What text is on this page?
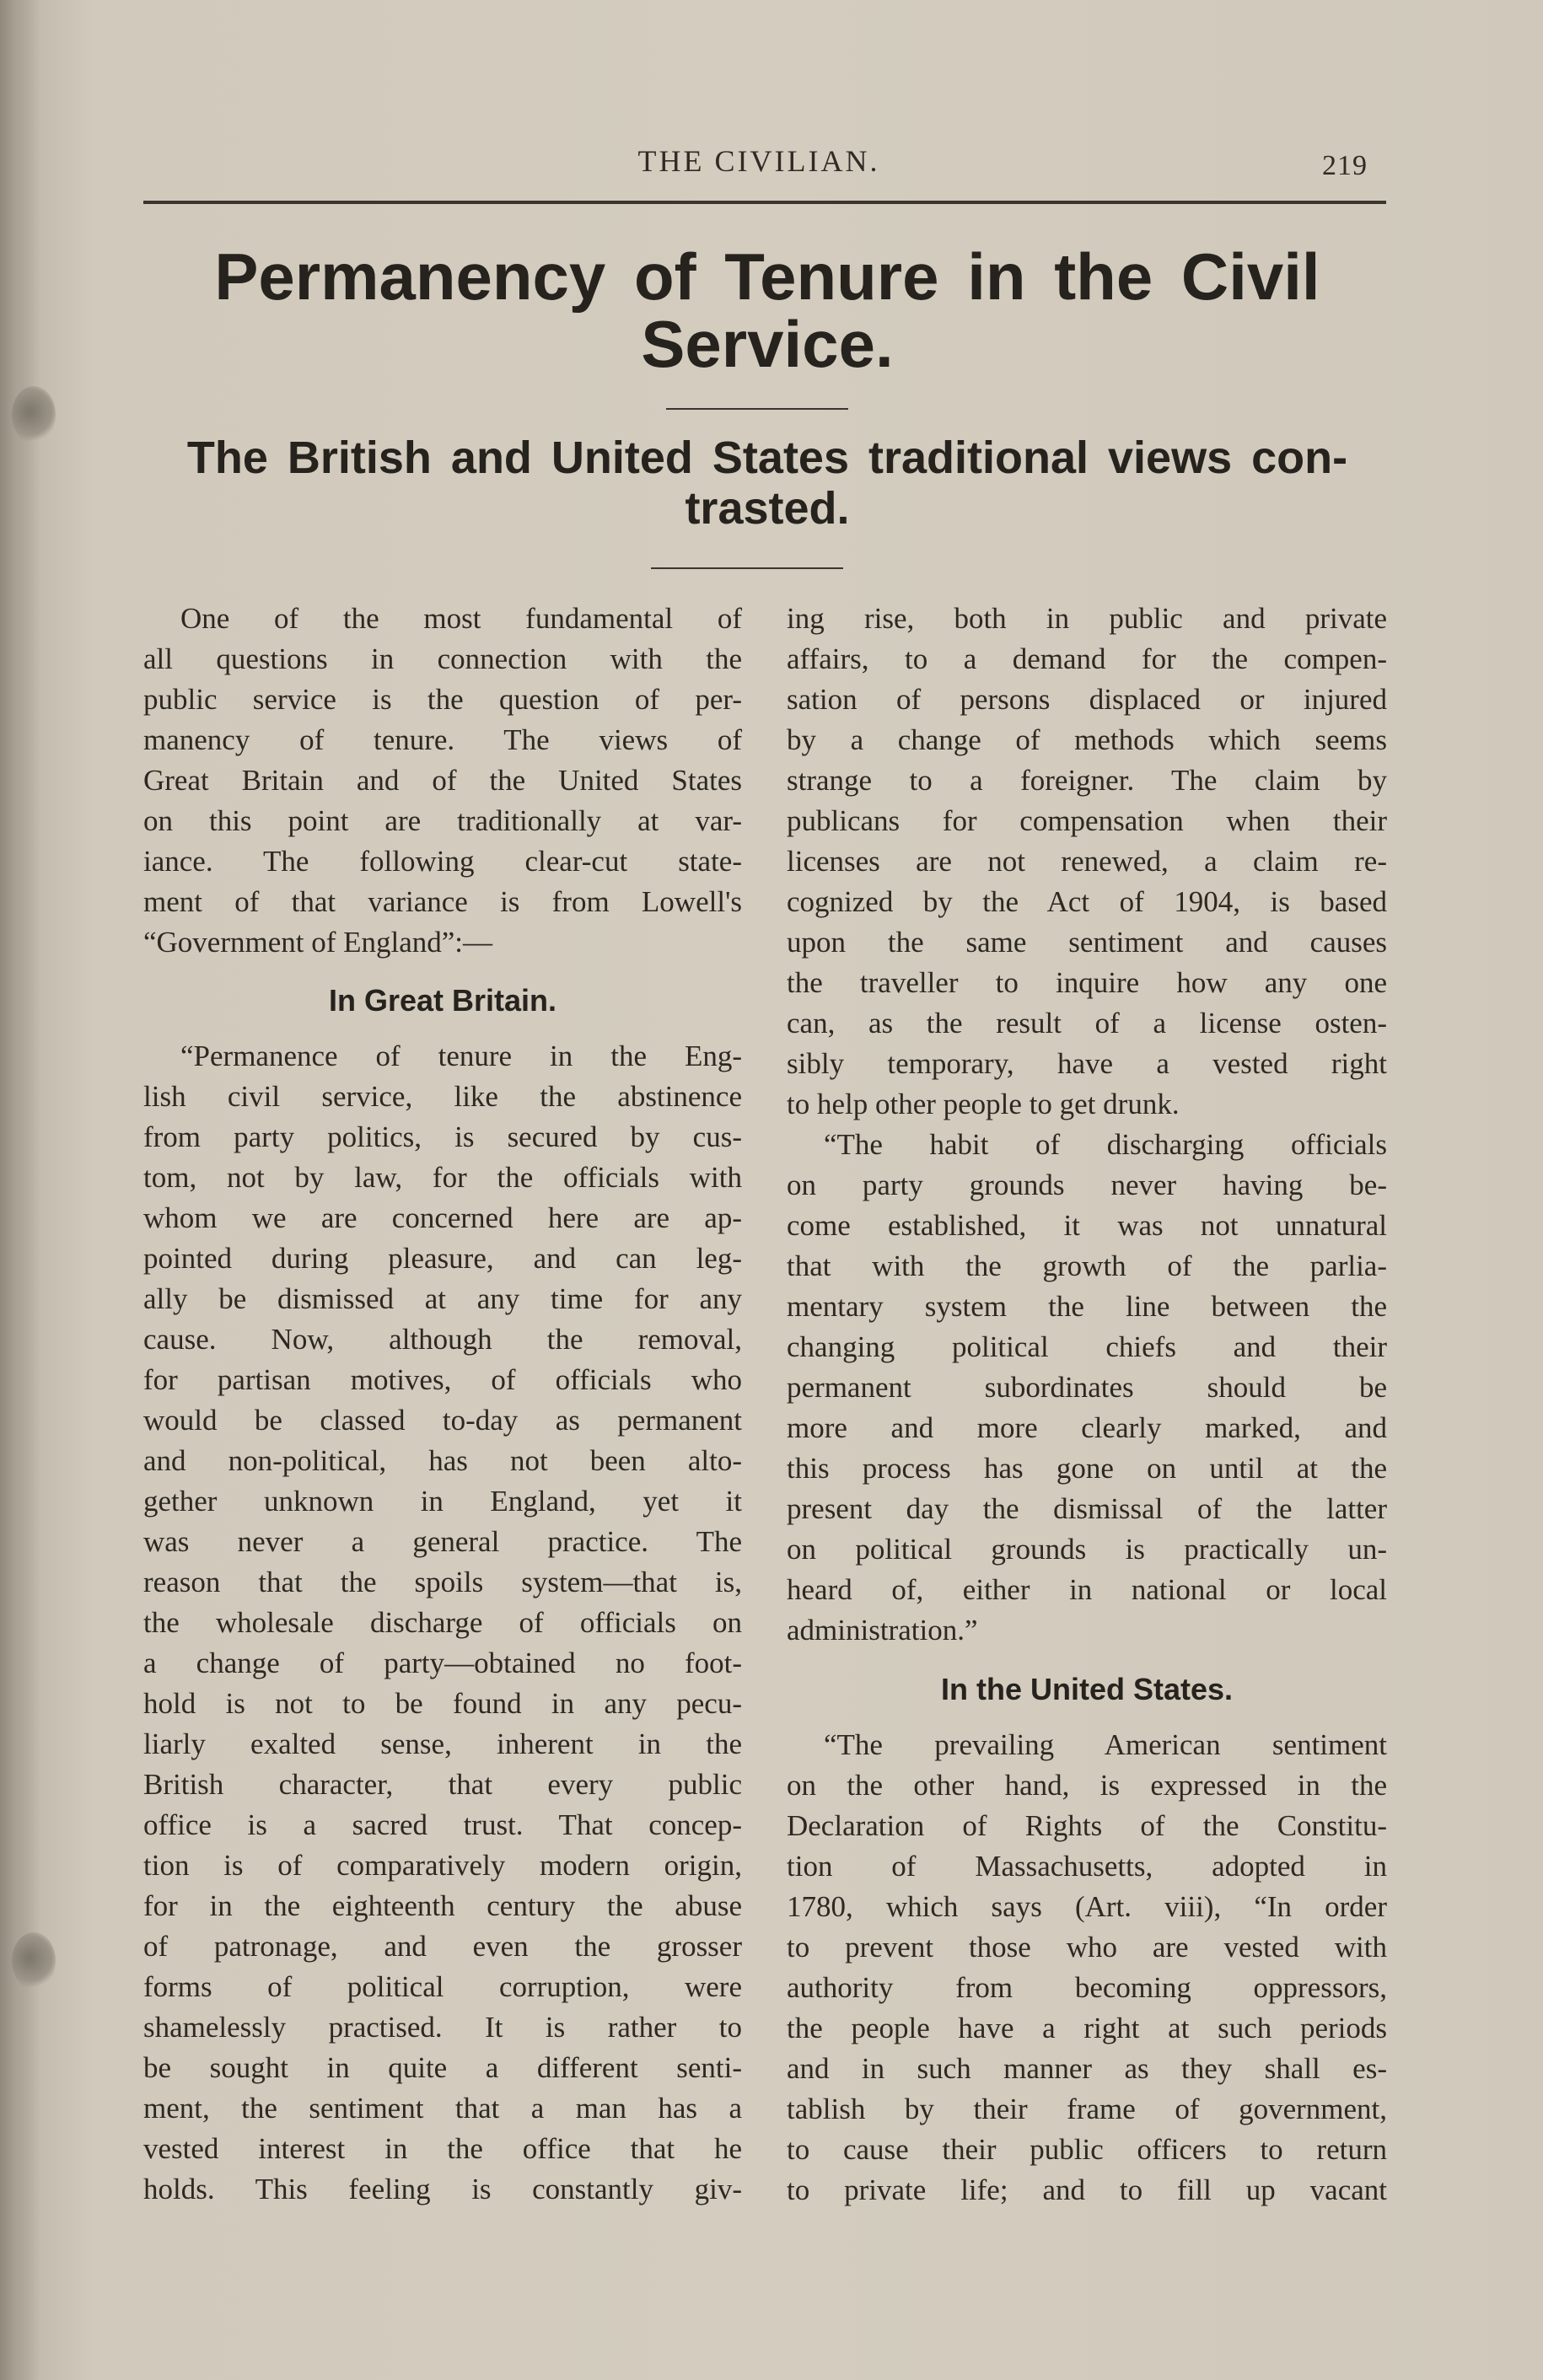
THE CIVILIAN.	219
Permanency of Tenure in the Civil
Service.
The British and United States traditional views con-
trasted.
One of the most fundamental of
all questions in connection with the
public service is the question of per-
manency of tenure. The views of
Great Britain and of the United States
on this point are traditionally at var-
iance. The following clear-cut state-
ment of that variance is from Lowell's
“Government of England”:—
In Great Britain.
“Permanence of tenure in the Eng-
lish civil service, like the abstinence
from party politics, is secured by cus-
tom, not by law, for the officials with
whom we are concerned here are ap-
pointed during pleasure, and can leg-
ally be dismissed at any time for any
cause. Now, although the removal,
for partisan motives, of officials who
would be classed to-day as permanent
and non-political, has not been alto-
gether unknown in England, yet it
was never a general practice. The
reason that the spoils system—that is,
the wholesale discharge of officials on
a change of party—obtained no foot-
hold is not to be found in any pecu-
liarly exalted sense, inherent in the
British character, that every public
office is a sacred trust. That concep-
tion is of comparatively modern origin,
for in the eighteenth century the abuse
of patronage, and even the grosser
forms of political corruption, were
shamelessly practised. It is rather to
be sought in quite a different senti-
ment, the sentiment that a man has a
vested interest in the office that he
holds. This feeling is constantly giv-
ing rise, both in public and private
affairs, to a demand for the compen-
sation of persons displaced or injured
by a change of methods which seems
strange to a foreigner. The claim by
publicans for compensation when their
licenses are not renewed, a claim re-
cognized by the Act of 1904, is based
upon the same sentiment and causes
the traveller to inquire how any one
can, as the result of a license osten-
sibly temporary, have a vested right
to help other people to get drunk.
“The habit of discharging officials
on party grounds never having be-
come established, it was not unnatural
that with the growth of the parlia-
mentary system the line between the
changing political chiefs and their
permanent subordinates should be
more and more clearly marked, and
this process has gone on until at the
present day the dismissal of the latter
on political grounds is practically un-
heard of, either in national or local
administration.”
In the United States.
“The prevailing American sentiment
on the other hand, is expressed in the
Declaration of Rights of the Constitu-
tion of Massachusetts, adopted in
1780, which says (Art. viii), “In order
to prevent those who are vested with
authority from becoming oppressors,
the people have a right at such periods
and in such manner as they shall es-
tablish by their frame of government,
to cause their public officers to return
to private life; and to fill up vacant
